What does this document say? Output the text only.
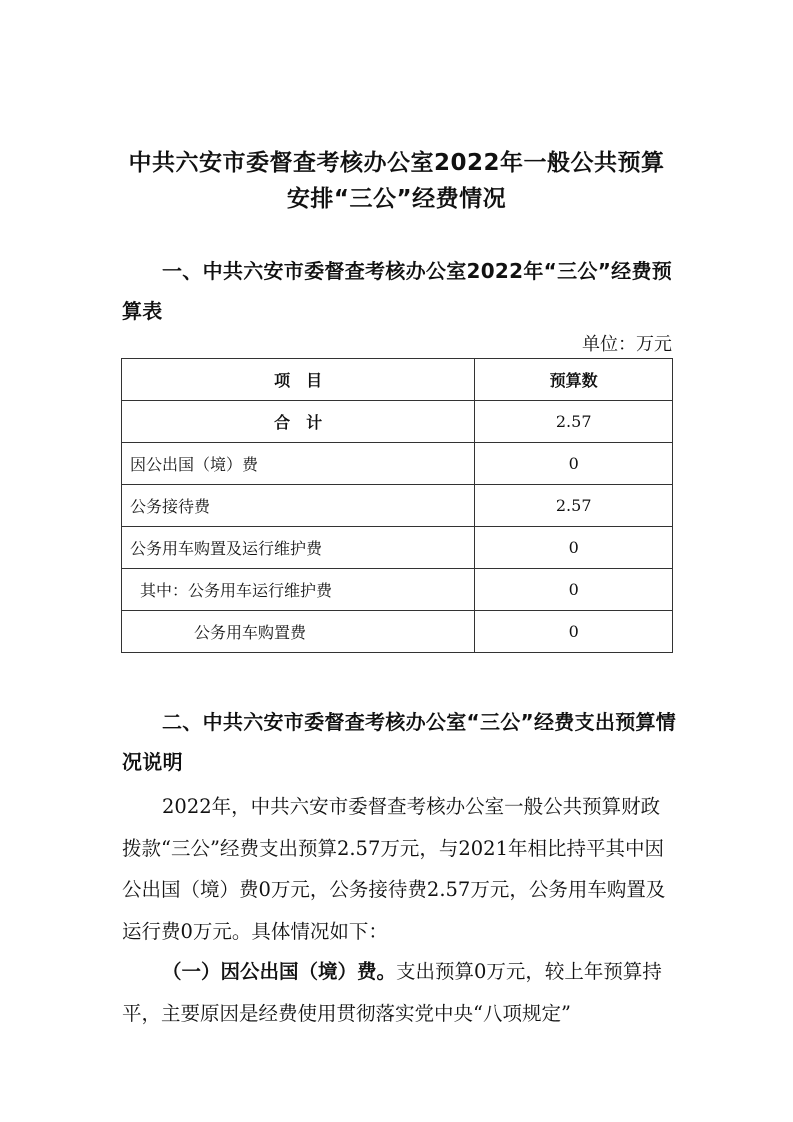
中共六安市委督查考核办公室2022年一般公共预算
安排“三公”经费情况
一、中共六安市委督查考核办公室2022年“三公”经费预算表
单位：万元
项　目	预算数
合　计	2.57
因公出国（境）费	0
公务接待费	2.57
公务用车购置及运行维护费	0
其中：公务用车运行维护费	0
公务用车购置费	0
二、中共六安市委督查考核办公室“三公”经费支出预算情况说明
2022年，中共六安市委督查考核办公室一般公共预算财政拨款“三公”经费支出预算2.57万元，与2021年相比持平其中因公出国（境）费0万元，公务接待费2.57万元，公务用车购置及运行费0万元。具体情况如下：
（一）因公出国（境）费。支出预算0万元，较上年预算持平，主要原因是经费使用贯彻落实党中央“八项规定”
